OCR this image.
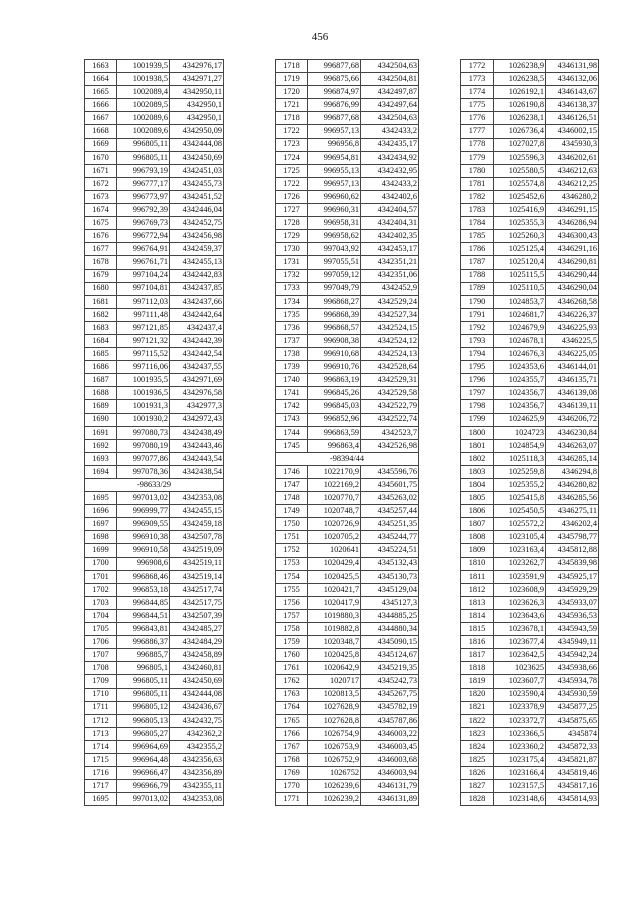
456
1663	1001939,5	4342976,17
1664	1001938,5	4342971,27
1665	1002089,4	4342950,11
1666	1002089,5	4342950,1
1667	1002089,6	4342950,1
1668	1002089,6	4342950,09
1669	996805,11	4342444,08
1670	996805,11	4342450,69
1671	996793,19	4342451,03
1672	996777,17	4342455,73
1673	996773,97	4342451,52
1674	996792,39	4342446,04
1675	996769,73	4342452,75
1676	996772,94	4342456,98
1677	996764,91	4342459,37
1678	996761,71	4342455,13
1679	997104,24	4342442,83
1680	997104,81	4342437,85
1681	997112,03	4342437,66
1682	997111,48	4342442,64
1683	997121,85	4342437,4
1684	997121,32	4342442,39
1685	997115,52	4342442,54
1686	997116,06	4342437,55
1687	1001935,5	4342971,69
1688	1001936,5	4342976,58
1689	1001931,3	4342977,3
1690	1001930,2	4342972,43
1691	997080,73	4342438,49
1692	997080,19	4342443,46
1693	997077,86	4342443,54
1694	997078,36	4342438,54
-98633/29		
1695	997013,02	4342353,08
1696	996999,77	4342455,15
1697	996909,55	4342459,18
1698	996910,38	4342507,78
1699	996910,58	4342519,09
1700	996908,6	4342519,11
1701	996868,46	4342519,14
1702	996853,18	4342517,74
1703	996844,85	4342517,75
1704	996844,51	4342507,39
1705	996843,81	4342485,27
1706	996886,37	4342484,29
1707	996885,7	4342458,89
1708	996805,1	4342460,81
1709	996805,11	4342450,69
1710	996805,11	4342444,08
1711	996805,12	4342436,67
1712	996805,13	4342432,75
1713	996805,27	4342362,2
1714	996964,69	4342355,2
1715	996964,48	4342356,63
1716	996966,47	4342356,89
1717	996966,79	4342355,11
1695	997013,02	4342353,08
1718	996877,68	4342504,63
1719	996875,66	4342504,81
1720	996874,97	4342497,87
1721	996876,99	4342497,64
1718	996877,68	4342504,63
1722	996957,13	4342433,2
1723	996956,8	4342435,17
1724	996954,81	4342434,92
1725	996955,13	4342432,95
1722	996957,13	4342433,2
1726	996960,62	4342402,6
1727	996960,31	4342404,57
1728	996958,31	4342404,31
1729	996958,62	4342402,35
1730	997043,92	4342453,17
1731	997055,51	4342351,21
1732	997059,12	4342351,06
1733	997049,79	4342452,9
1734	996868,27	4342529,24
1735	996868,39	4342527,34
1736	996868,57	4342524,15
1737	996908,38	4342524,12
1738	996910,68	4342524,13
1739	996910,76	4342528,64
1740	996863,19	4342529,31
1741	996845,26	4342529,58
1742	996845,03	4342522,79
1743	996852,96	4342522,74
1744	996863,59	4342523,7
1745	996863,4	4342526,98
-98394/44		
1746	1022170,9	4345596,76
1747	1022169,2	4345601,75
1748	1020770,7	4345263,02
1749	1020748,7	4345257,44
1750	1020726,9	4345251,35
1751	1020705,2	4345244,77
1752	1020641	4345224,51
1753	1020429,4	4345132,43
1754	1020425,5	4345130,73
1755	1020421,7	4345129,04
1756	1020417,9	4345127,3
1757	1019880,3	4344885,25
1758	1019882,8	4344880,34
1759	1020348,7	4345090,15
1760	1020425,8	4345124,67
1761	1020642,9	4345219,35
1762	1020717	4345242,73
1763	1020813,5	4345267,75
1764	1027628,9	4345782,19
1765	1027628,8	4345787,86
1766	1026754,9	4346003,22
1767	1026753,9	4346003,45
1768	1026752,9	4346003,68
1769	1026752	4346003,94
1770	1026239,6	4346131,79
1771	1026239,2	4346131,89
1772	1026238,9	4346131,98
1773	1026238,5	4346132,06
1774	1026192,1	4346143,67
1775	1026190,8	4346138,37
1776	1026238,1	4346126,51
1777	1026736,4	4346002,15
1778	1027027,8	4345930,3
1779	1025596,3	4346202,61
1780	1025580,5	4346212,63
1781	1025574,8	4346212,25
1782	1025452,6	4346280,2
1783	1025416,9	4346291,15
1784	1025355,3	4346286,94
1785	1025260,3	4346300,43
1786	1025125,4	4346291,16
1787	1025120,4	4346290,81
1788	1025115,5	4346290,44
1789	1025110,5	4346290,04
1790	1024853,7	4346268,58
1791	1024681,7	4346226,37
1792	1024679,9	4346225,93
1793	1024678,1	4346225,5
1794	1024676,3	4346225,05
1795	1024353,6	4346144,01
1796	1024355,7	4346135,71
1797	1024356,7	4346139,08
1798	1024356,7	4346139,11
1799	1024625,9	4346206,72
1800	1024723	4346230,84
1801	1024854,9	4346263,07
1802	1025118,3	4346285,14
1803	1025259,8	4346294,8
1804	1025355,2	4346280,82
1805	1025415,8	4346285,56
1806	1025450,5	4346275,11
1807	1025572,2	4346202,4
1808	1023105,4	4345798,77
1809	1023163,4	4345812,88
1810	1023262,7	4345839,98
1811	1023591,9	4345925,17
1812	1023608,9	4345929,29
1813	1023626,3	4345933,07
1814	1023643,6	4345936,53
1815	1023678,1	4345943,59
1816	1023677,4	4345949,11
1817	1023642,5	4345942,24
1818	1023625	4345938,66
1819	1023607,7	4345934,78
1820	1023590,4	4345930,59
1821	1023378,9	4345877,25
1822	1023372,7	4345875,65
1823	1023366,5	4345874
1824	1023360,2	4345872,33
1825	1023175,4	4345821,87
1826	1023166,4	4345819,46
1827	1023157,5	4345817,16
1828	1023148,6	4345814,93
